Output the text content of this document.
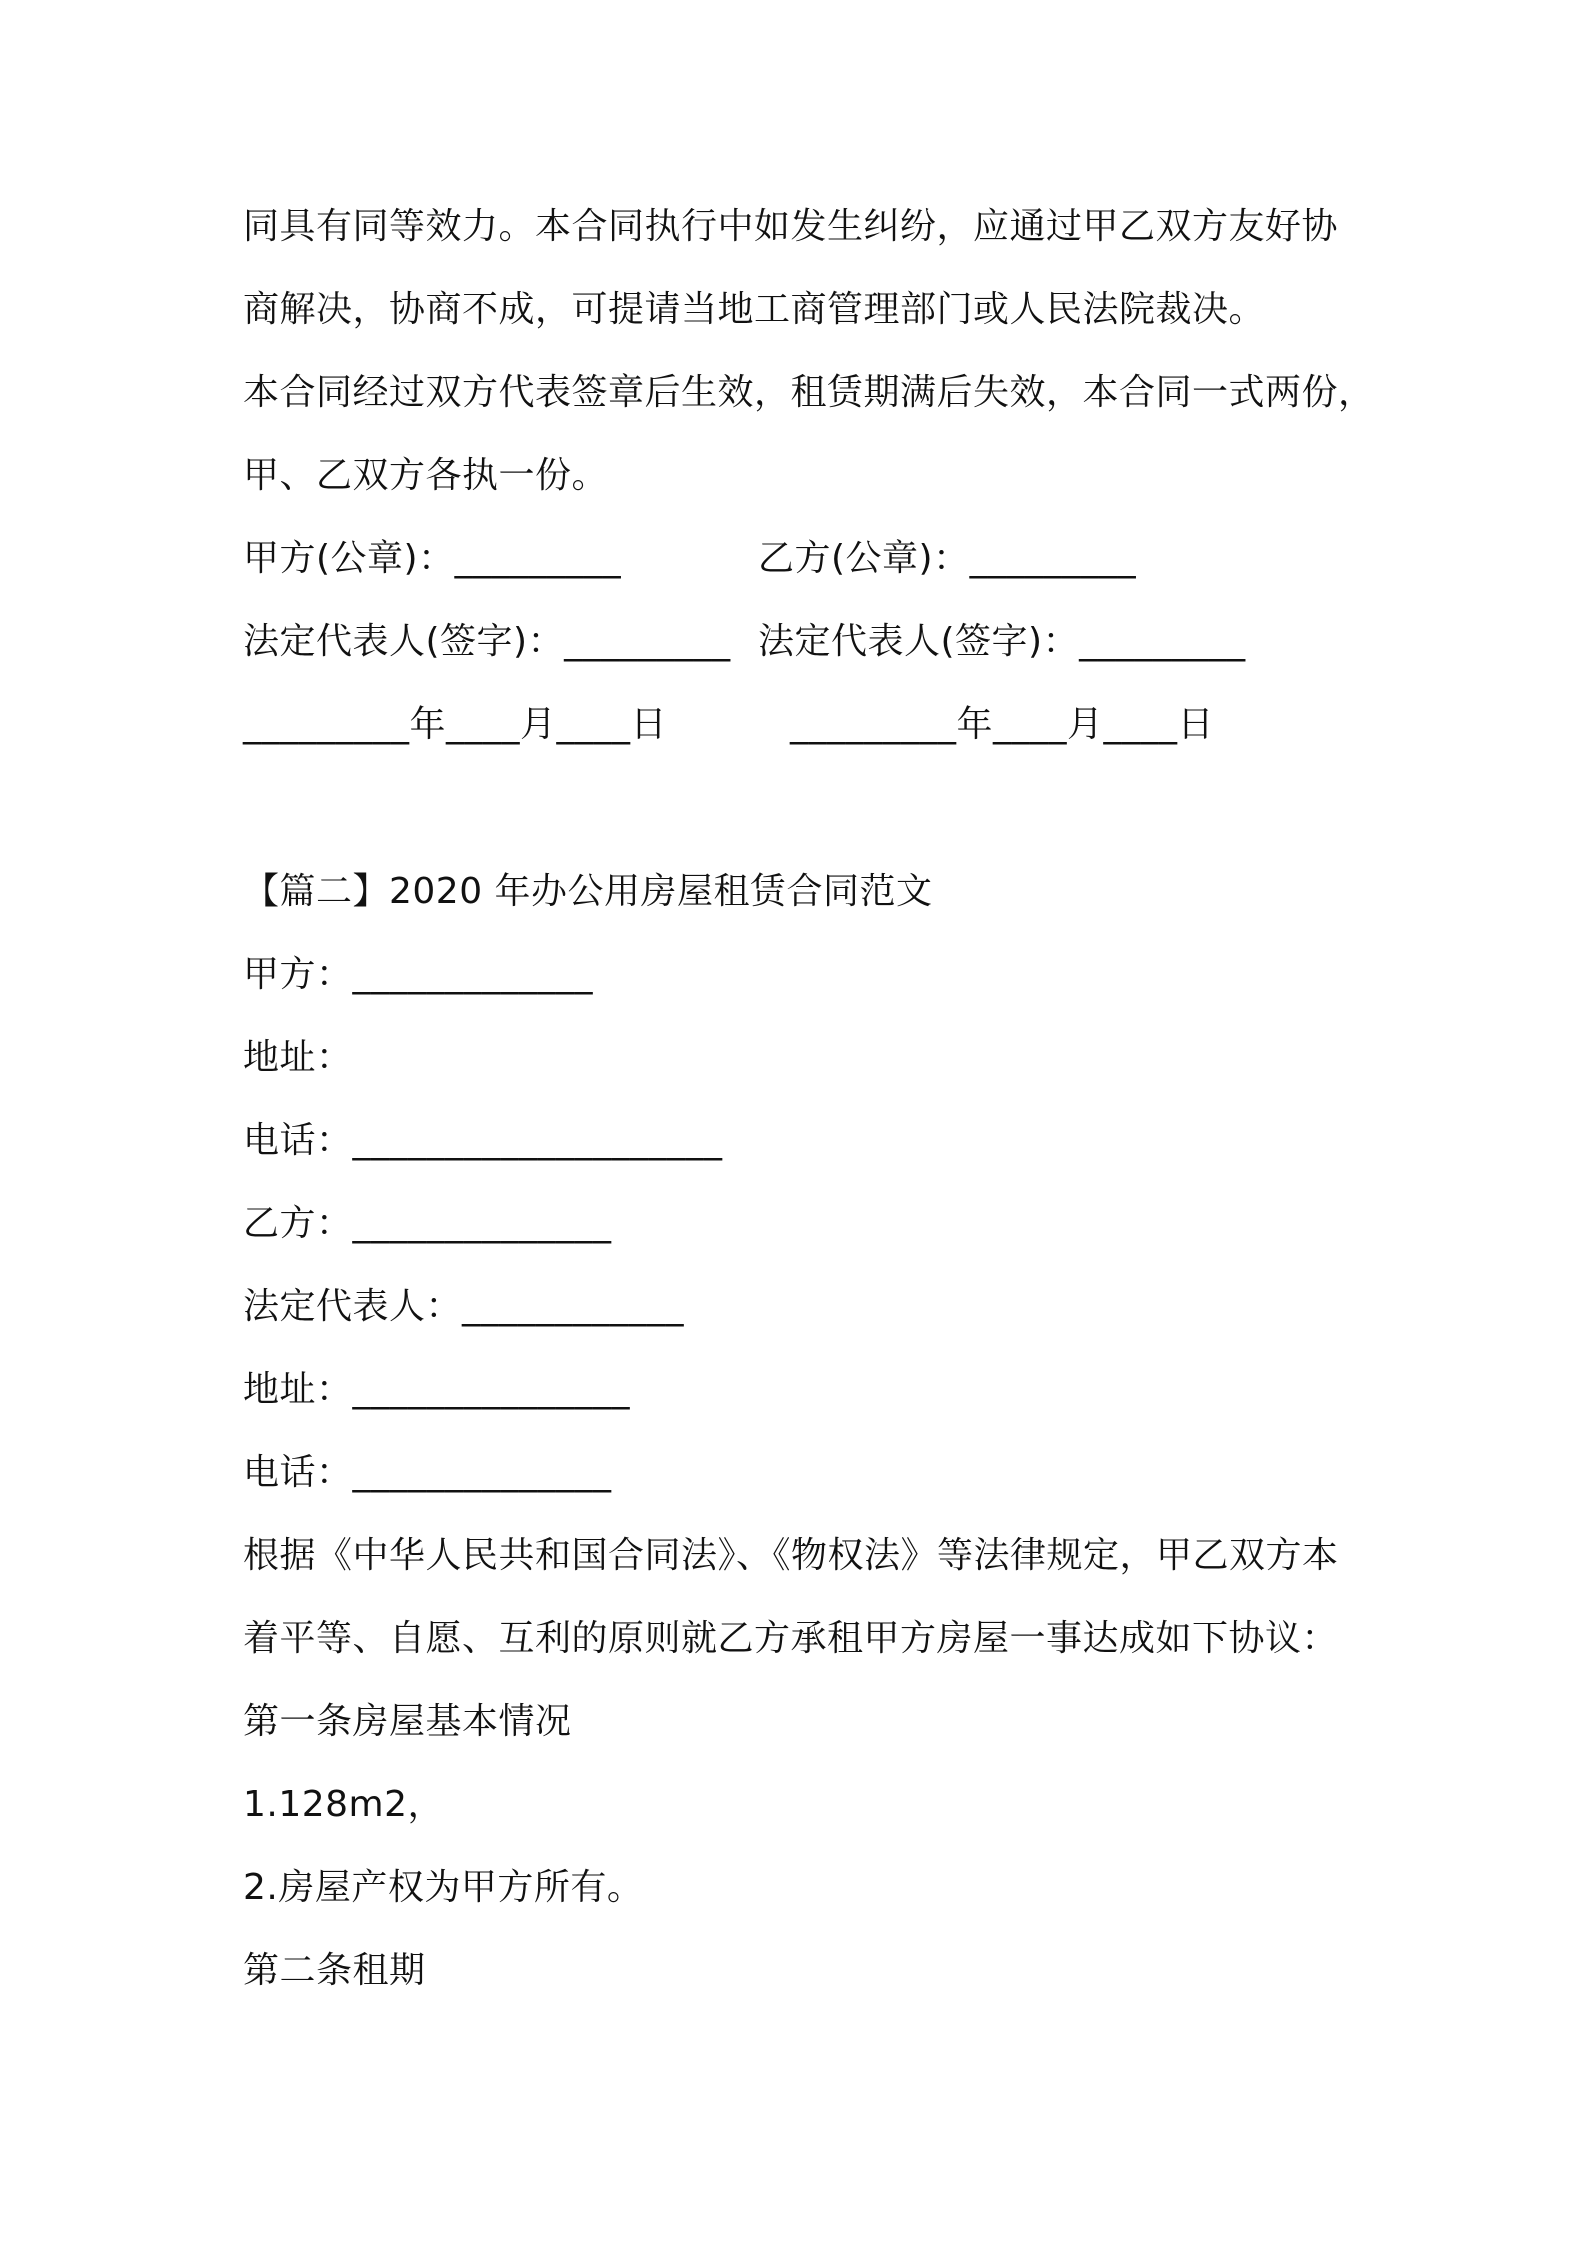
同具有同等效力。本合同执行中如发生纠纷，应通过甲乙双方友好协
商解决，协商不成，可提请当地工商管理部门或人民法院裁决。
本合同经过双方代表签章后生效，租赁期满后失效，本合同一式两份，
甲、乙双方各执一份。
甲方(公章)：_________	乙方(公章)：_________
法定代表人(签字)：_________ 法定代表人(签字)：_________
_________年____月____日	_________年____月____日
【篇二】2020 年办公用房屋租赁合同范文
甲方：_____________
地址：
电话：____________________
乙方：______________
法定代表人：____________
地址：_______________
电话：______________
根据《中华人民共和国合同法》、《物权法》等法律规定，甲乙双方本
着平等、自愿、互利的原则就乙方承租甲方房屋一事达成如下协议：
第一条房屋基本情况
1.128m2，
2.房屋产权为甲方所有。
第二条租期
